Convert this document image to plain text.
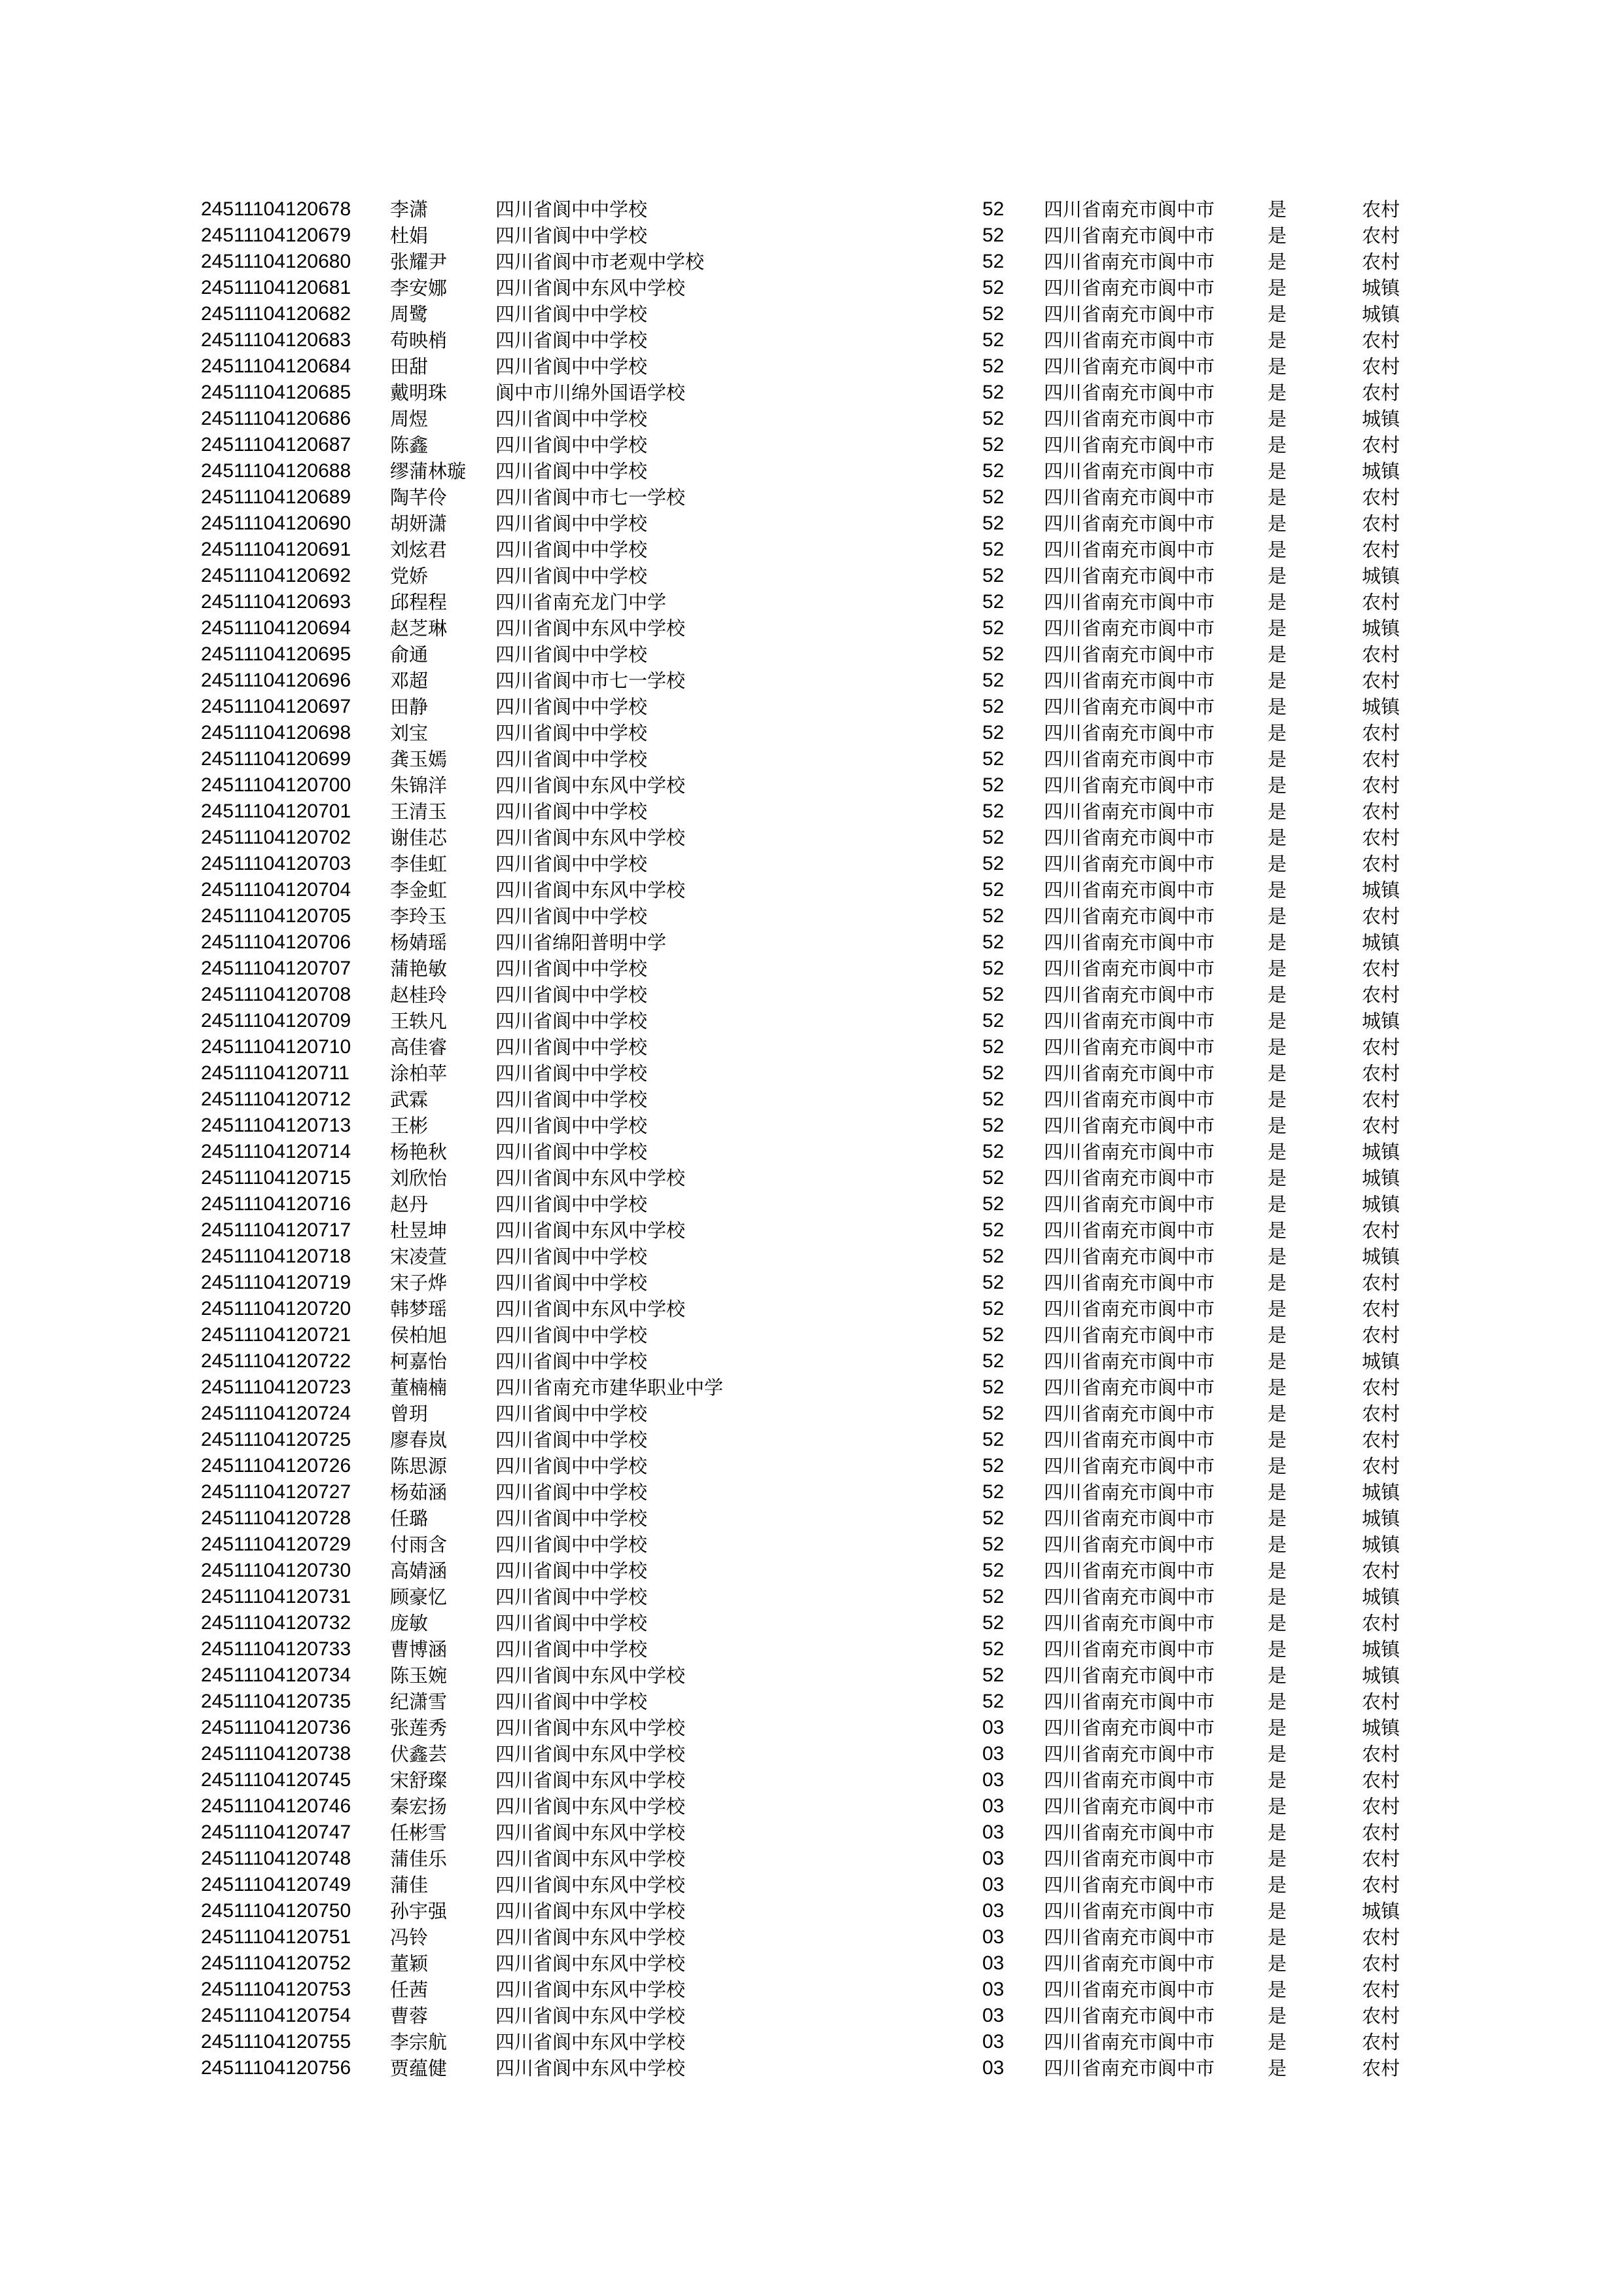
24511104120678 李潇	四川省阆中中学校	52 四川省南充市阆中市	是	农村
24511104120679 杜娟	四川省阆中中学校	52 四川省南充市阆中市	是	农村
24511104120680 张耀尹	四川省阆中市老观中学校	52 四川省南充市阆中市	是	农村
24511104120681 李安娜	四川省阆中东风中学校	52 四川省南充市阆中市	是	城镇
24511104120682 周鹭	四川省阆中中学校	52 四川省南充市阆中市	是	城镇
24511104120683 苟映梢	四川省阆中中学校	52 四川省南充市阆中市	是	农村
24511104120684 田甜	四川省阆中中学校	52 四川省南充市阆中市	是	农村
24511104120685 戴明珠	阆中市川绵外国语学校	52 四川省南充市阆中市	是	农村
24511104120686 周煜	四川省阆中中学校	52 四川省南充市阆中市	是	城镇
24511104120687 陈鑫	四川省阆中中学校	52 四川省南充市阆中市	是	农村
24511104120688 缪蒲林璇 四川省阆中中学校	52 四川省南充市阆中市	是	城镇
24511104120689 陶芊伶	四川省阆中市七一学校	52 四川省南充市阆中市	是	农村
24511104120690 胡妍潇	四川省阆中中学校	52 四川省南充市阆中市	是	农村
24511104120691 刘炫君	四川省阆中中学校	52 四川省南充市阆中市	是	农村
24511104120692 党娇	四川省阆中中学校	52 四川省南充市阆中市	是	城镇
24511104120693 邱程程	四川省南充龙门中学	52 四川省南充市阆中市	是	农村
24511104120694 赵芝琳	四川省阆中东风中学校	52 四川省南充市阆中市	是	城镇
24511104120695 俞通	四川省阆中中学校	52 四川省南充市阆中市	是	农村
24511104120696 邓超	四川省阆中市七一学校	52 四川省南充市阆中市	是	农村
24511104120697 田静	四川省阆中中学校	52 四川省南充市阆中市	是	城镇
24511104120698 刘宝	四川省阆中中学校	52 四川省南充市阆中市	是	农村
24511104120699 龚玉嫣	四川省阆中中学校	52 四川省南充市阆中市	是	农村
24511104120700 朱锦洋	四川省阆中东风中学校	52 四川省南充市阆中市	是	农村
24511104120701 王清玉	四川省阆中中学校	52 四川省南充市阆中市	是	农村
24511104120702 谢佳芯	四川省阆中东风中学校	52 四川省南充市阆中市	是	农村
24511104120703 李佳虹	四川省阆中中学校	52 四川省南充市阆中市	是	农村
24511104120704 李金虹	四川省阆中东风中学校	52 四川省南充市阆中市	是	城镇
24511104120705 李玲玉	四川省阆中中学校	52 四川省南充市阆中市	是	农村
24511104120706 杨婧瑶	四川省绵阳普明中学	52 四川省南充市阆中市	是	城镇
24511104120707 蒲艳敏	四川省阆中中学校	52 四川省南充市阆中市	是	农村
24511104120708 赵桂玲	四川省阆中中学校	52 四川省南充市阆中市	是	农村
24511104120709 王轶凡	四川省阆中中学校	52 四川省南充市阆中市	是	城镇
24511104120710 高佳睿	四川省阆中中学校	52 四川省南充市阆中市	是	农村
24511104120711 涂柏苹	四川省阆中中学校	52 四川省南充市阆中市	是	农村
24511104120712 武霖	四川省阆中中学校	52 四川省南充市阆中市	是	农村
24511104120713 王彬	四川省阆中中学校	52 四川省南充市阆中市	是	农村
24511104120714 杨艳秋	四川省阆中中学校	52 四川省南充市阆中市	是	城镇
24511104120715 刘欣怡	四川省阆中东风中学校	52 四川省南充市阆中市	是	城镇
24511104120716 赵丹	四川省阆中中学校	52 四川省南充市阆中市	是	城镇
24511104120717 杜昱坤	四川省阆中东风中学校	52 四川省南充市阆中市	是	农村
24511104120718 宋凌萱	四川省阆中中学校	52 四川省南充市阆中市	是	城镇
24511104120719 宋子烨	四川省阆中中学校	52 四川省南充市阆中市	是	农村
24511104120720 韩梦瑶	四川省阆中东风中学校	52 四川省南充市阆中市	是	农村
24511104120721 侯柏旭	四川省阆中中学校	52 四川省南充市阆中市	是	农村
24511104120722 柯嘉怡	四川省阆中中学校	52 四川省南充市阆中市	是	城镇
24511104120723 董楠楠	四川省南充市建华职业中学	52 四川省南充市阆中市	是	农村
24511104120724 曾玥	四川省阆中中学校	52 四川省南充市阆中市	是	农村
24511104120725 廖春岚	四川省阆中中学校	52 四川省南充市阆中市	是	农村
24511104120726 陈思源	四川省阆中中学校	52 四川省南充市阆中市	是	农村
24511104120727 杨茹涵	四川省阆中中学校	52 四川省南充市阆中市	是	城镇
24511104120728 任璐	四川省阆中中学校	52 四川省南充市阆中市	是	城镇
24511104120729 付雨含	四川省阆中中学校	52 四川省南充市阆中市	是	城镇
24511104120730 高婧涵	四川省阆中中学校	52 四川省南充市阆中市	是	农村
24511104120731 顾豪忆	四川省阆中中学校	52 四川省南充市阆中市	是	城镇
24511104120732 庞敏	四川省阆中中学校	52 四川省南充市阆中市	是	农村
24511104120733 曹博涵	四川省阆中中学校	52 四川省南充市阆中市	是	城镇
24511104120734 陈玉婉	四川省阆中东风中学校	52 四川省南充市阆中市	是	城镇
24511104120735 纪潇雪	四川省阆中中学校	52 四川省南充市阆中市	是	农村
24511104120736 张莲秀	四川省阆中东风中学校	03 四川省南充市阆中市	是	城镇
24511104120738 伏鑫芸	四川省阆中东风中学校	03 四川省南充市阆中市	是	农村
24511104120745 宋舒璨	四川省阆中东风中学校	03 四川省南充市阆中市	是	农村
24511104120746 秦宏扬	四川省阆中东风中学校	03 四川省南充市阆中市	是	农村
24511104120747 任彬雪	四川省阆中东风中学校	03 四川省南充市阆中市	是	农村
24511104120748 蒲佳乐	四川省阆中东风中学校	03 四川省南充市阆中市	是	农村
24511104120749 蒲佳	四川省阆中东风中学校	03 四川省南充市阆中市	是	农村
24511104120750 孙宇强	四川省阆中东风中学校	03 四川省南充市阆中市	是	城镇
24511104120751 冯铃	四川省阆中东风中学校	03 四川省南充市阆中市	是	农村
24511104120752 董颖	四川省阆中东风中学校	03 四川省南充市阆中市	是	农村
24511104120753 任茜	四川省阆中东风中学校	03 四川省南充市阆中市	是	农村
24511104120754 曹蓉	四川省阆中东风中学校	03 四川省南充市阆中市	是	农村
24511104120755 李宗航	四川省阆中东风中学校	03 四川省南充市阆中市	是	农村
24511104120756 贾蕴健	四川省阆中东风中学校	03 四川省南充市阆中市	是	农村
